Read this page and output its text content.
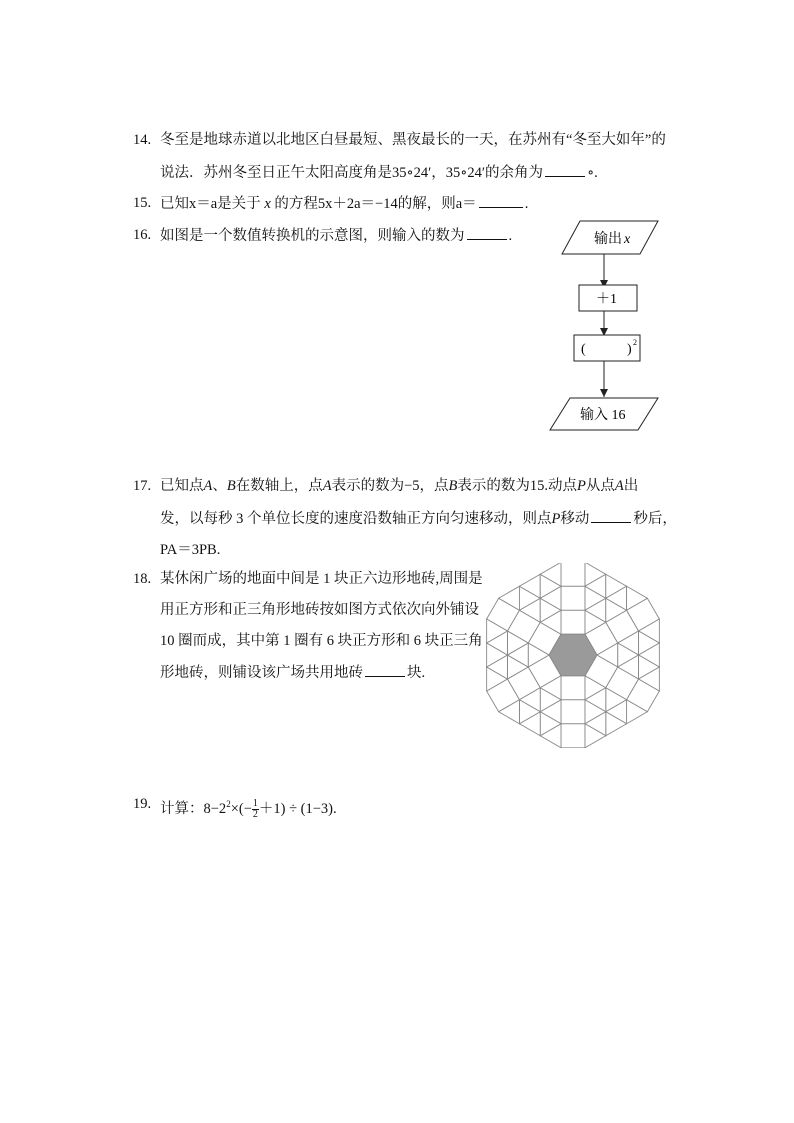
14. 冬至是地球赤道以北地区白昼最短、黑夜最长的一天，在苏州有“冬至大如年”的
说法．苏州冬至日正午太阳高度角是35∘24′，35∘24′的余角为	∘.
15. 已知x＝a是关于 x 的方程5x＋2a＝−14的解，则a＝	.
16. 如图是一个数值转换机的示意图，则输入的数为	.	输出 x
＋1
(	) 2
输入 16
17. 已知点A、B在数轴上，点A表示的数为−5，点B表示的数为15.动点P从点A出
发，以每秒 3 个单位长度的速度沿数轴正方向匀速移动，则点P移动	秒后，
PA＝3PB.
18. 某休闲广场的地面中间是 1 块正六边形地砖,周围是
用正方形和正三角形地砖按如图方式依次向外铺设
10 圈而成，其中第 1 圈有 6 块正方形和 6 块正三角
形地砖，则铺设该广场共用地砖	块.
19. 计算：$8-2^2\times(- \frac{1}{2} +1) \div (1-3)$.
